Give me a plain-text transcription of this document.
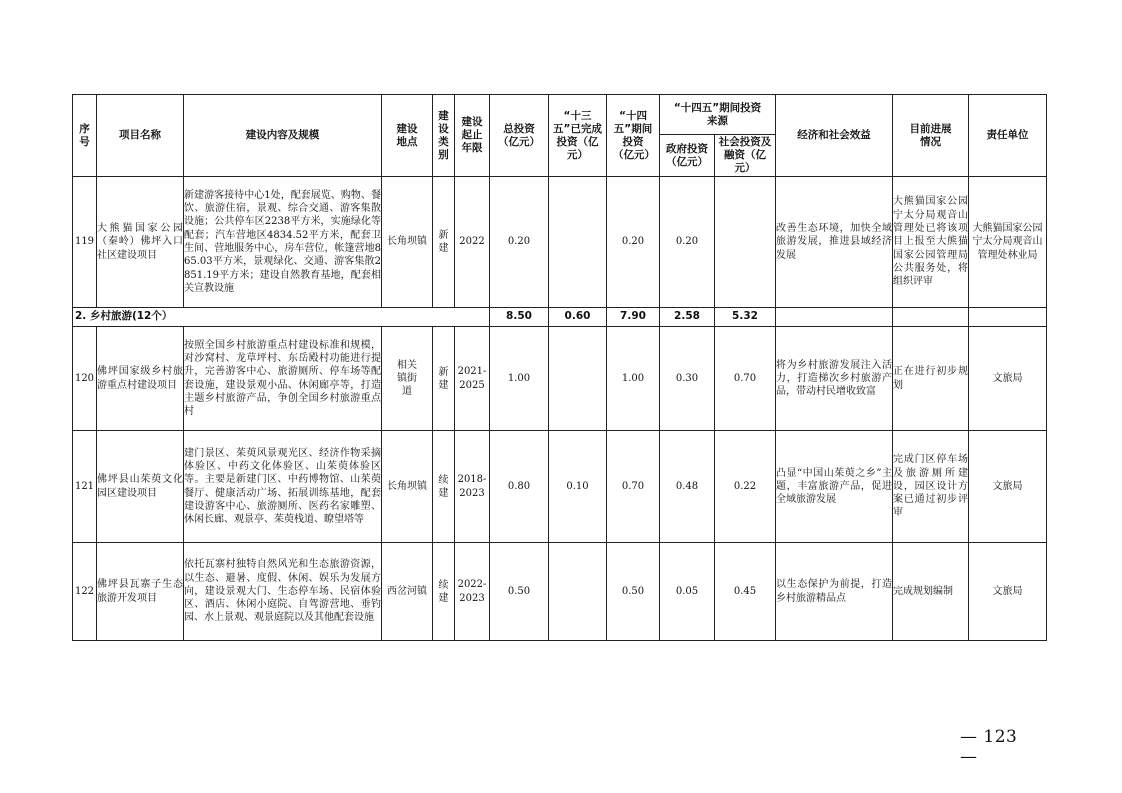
序号	项目名称	建设内容及规模	建设地点	建设类别	建设起止年限	总投资（亿元）	“十三五”已完成投资（亿元）	“十四五”期间投资（亿元）	“十四五”期间投资来源		经济和社会效益	目前进展情况	责任单位

									政府投资（亿元）	社会投资及融资（亿元）			

119	大熊猫国家公园（秦岭）佛坪入口社区建设项目	新建游客接待中心1处，配套展览、购物、餐饮、旅游住宿，景观、综合交通、游客集散设施；公共停车区2238平方米，实施绿化等配套；汽车营地区4834.52平方米，配套卫生间、营地服务中心，房车营位，帐篷营地865.03平方米，景观绿化、交通、游客集散2851.19平方米；建设自然教育基地，配套相关宣教设施	长角坝镇	新建	2022	0.20		0.20	0.20		改善生态环境，加快全域旅游发展，推进县域经济发展	大熊猫国家公园宁太分局观音山管理处已将该项目上报至大熊猫国家公园管理局公共服务处，将组织评审	大熊猫国家公园宁太分局观音山管理处林业局
2. 乡村旅游(12个）						8.50	0.60	7.90	2.58	5.32			
120	佛坪国家级乡村旅游重点村建设项目	按照全国乡村旅游重点村建设标准和规模，对沙窝村、龙草坪村、东岳殿村功能进行提升，完善游客中心、旅游厕所、停车场等配套设施，建设景观小品、休闲廊亭等，打造主题乡村旅游产品，争创全国乡村旅游重点村	相关镇街道	新建	2021-2025	1.00		1.00	0.30	0.70	将为乡村旅游发展注入活力，打造梯次乡村旅游产品，带动村民增收致富	正在进行初步规划	文旅局
121	佛坪县山茱萸文化园区建设项目	建门景区、茱萸风景观光区、经济作物采摘体验区、中药文化体验区、山茱萸体验区等。主要是新建门区、中药博物馆、山茱萸餐厅、健康活动广场、拓展训练基地，配套建设游客中心、旅游厕所、医药名家雕塑、休闲长廊、观景亭、茱萸栈道、瞭望塔等	长角坝镇	续建	2018-2023	0.80	0.10	0.70	0.48	0.22	凸显“中国山茱萸之乡”主题，丰富旅游产品，促进全域旅游发展	完成门区停车场及旅游厕所建设，园区设计方案已通过初步评审	文旅局
122	佛坪县瓦寨子生态旅游开发项目	依托瓦寨村独特自然风光和生态旅游资源，以生态、避暑、度假、休闲、娱乐为发展方向，建设景观大门、生态停车场、民宿体验区、酒店、休闲小庭院、自驾游营地、垂钓园、水上景观、观景庭院以及其他配套设施	西岔河镇	续建	2022-2023	0.50		0.50	0.05	0.45	以生态保护为前提，打造乡村旅游精品点	完成规划编制	文旅局
— 123 —
